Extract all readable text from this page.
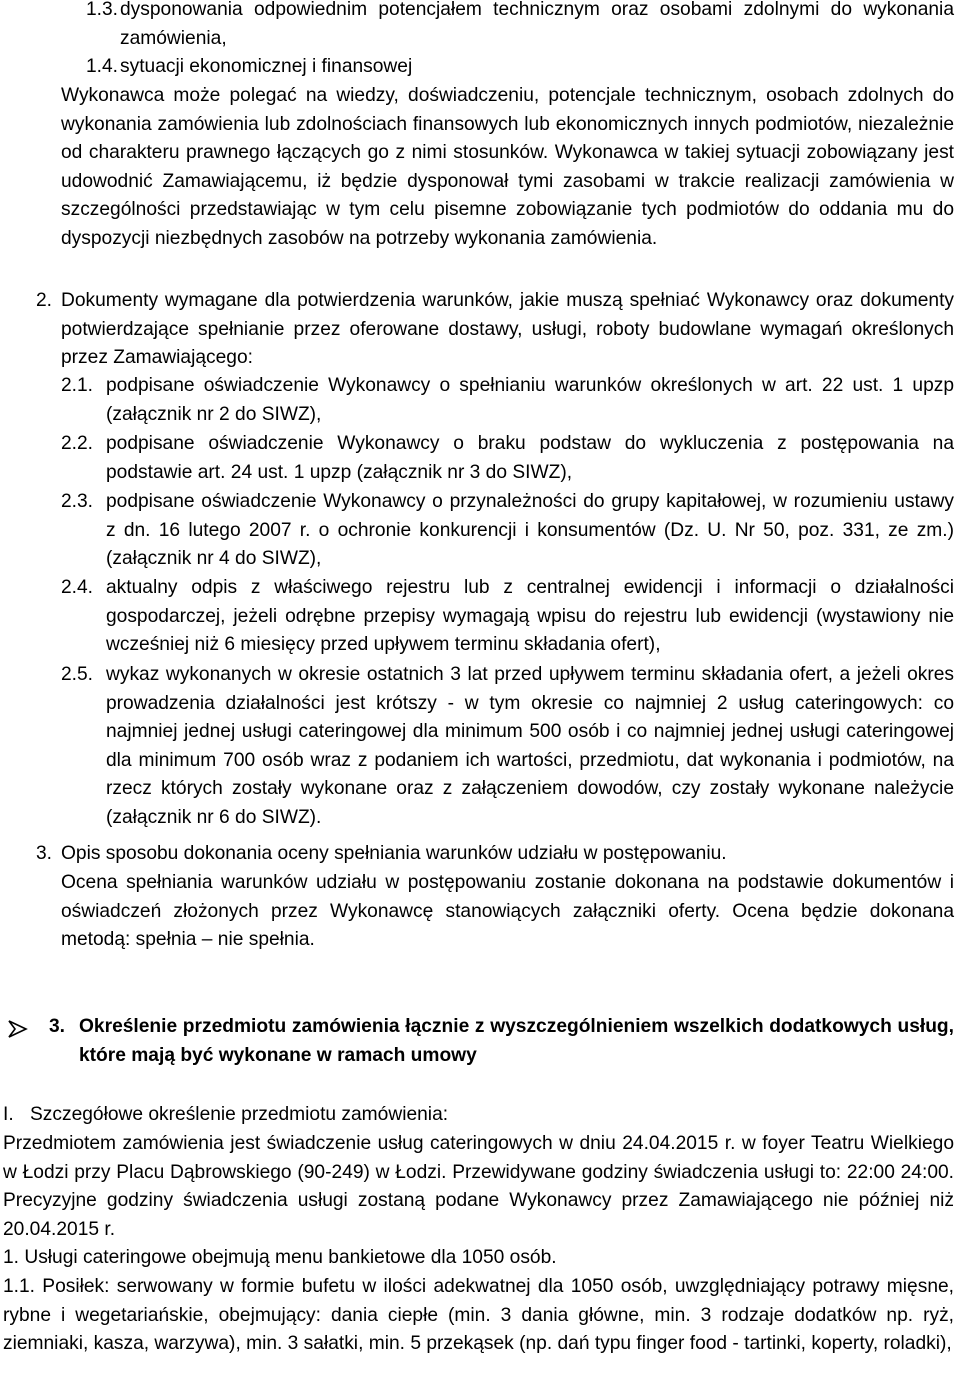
1.3. dysponowania odpowiednim potencjałem technicznym oraz osobami zdolnymi do wykonania zamówienia,
1.4. sytuacji ekonomicznej i finansowej
Wykonawca może polegać na wiedzy, doświadczeniu, potencjale technicznym, osobach zdolnych do wykonania zamówienia lub zdolnościach finansowych lub ekonomicznych innych podmiotów, niezależnie od charakteru prawnego łączących go z nimi stosunków. Wykonawca w takiej sytuacji zobowiązany jest udowodnić Zamawiającemu, iż będzie dysponował tymi zasobami w trakcie realizacji zamówienia w szczególności przedstawiając w tym celu pisemne zobowiązanie tych podmiotów do oddania mu do dyspozycji niezbędnych zasobów na potrzeby wykonania zamówienia.
2. Dokumenty wymagane dla potwierdzenia warunków, jakie muszą spełniać Wykonawcy oraz dokumenty potwierdzające spełnianie przez oferowane dostawy, usługi, roboty budowlane wymagań określonych przez Zamawiającego:
2.1. podpisane oświadczenie Wykonawcy o spełnianiu warunków określonych w art. 22 ust. 1 upzp (załącznik nr 2 do SIWZ),
2.2. podpisane oświadczenie Wykonawcy o braku podstaw do wykluczenia z postępowania na podstawie art. 24 ust. 1 upzp (załącznik nr 3 do SIWZ),
2.3. podpisane oświadczenie Wykonawcy o przynależności do grupy kapitałowej, w rozumieniu ustawy z dn. 16 lutego 2007 r. o ochronie konkurencji i konsumentów (Dz. U. Nr 50, poz. 331, ze zm.) (załącznik nr 4 do SIWZ),
2.4. aktualny odpis z właściwego rejestru lub z centralnej ewidencji i informacji o działalności gospodarczej, jeżeli odrębne przepisy wymagają wpisu do rejestru lub ewidencji (wystawiony nie wcześniej niż 6 miesięcy przed upływem terminu składania ofert),
2.5. wykaz wykonanych w okresie ostatnich 3 lat przed upływem terminu składania ofert, a jeżeli okres prowadzenia działalności jest krótszy - w tym okresie co najmniej 2 usług cateringowych: co najmniej jednej usługi cateringowej dla minimum 500 osób i co najmniej jednej usługi cateringowej dla minimum 700 osób wraz z podaniem ich wartości, przedmiotu, dat wykonania i podmiotów, na rzecz których zostały wykonane oraz z załączeniem dowodów, czy zostały wykonane należycie (załącznik nr 6 do SIWZ).
3. Opis sposobu dokonania oceny spełniania warunków udziału w postępowaniu.
Ocena spełniania warunków udziału w postępowaniu zostanie dokonana na podstawie dokumentów i oświadczeń złożonych przez Wykonawcę stanowiących załączniki oferty. Ocena będzie dokonana metodą: spełnia – nie spełnia.
3. Określenie przedmiotu zamówienia łącznie z wyszczególnieniem wszelkich dodatkowych usług, które mają być wykonane w ramach umowy
I. Szczegółowe określenie przedmiotu zamówienia:
Przedmiotem zamówienia jest świadczenie usług cateringowych w dniu 24.04.2015 r. w foyer Teatru Wielkiego w Łodzi przy Placu Dąbrowskiego (90-249) w Łodzi. Przewidywane godziny świadczenia usługi to: 22:00 24:00. Precyzyjne godziny świadczenia usługi zostaną podane Wykonawcy przez Zamawiającego nie później niż 20.04.2015 r.
1. Usługi cateringowe obejmują menu bankietowe dla 1050 osób.
1.1. Posiłek: serwowany w formie bufetu w ilości adekwatnej dla 1050 osób, uwzględniający potrawy mięsne, rybne i wegetariańskie, obejmujący: dania ciepłe (min. 3 dania główne, min. 3 rodzaje dodatków np. ryż, ziemniaki, kasza, warzywa), min. 3 sałatki, min. 5 przekąsek (np. dań typu finger food - tartinki, koperty, roladki),
